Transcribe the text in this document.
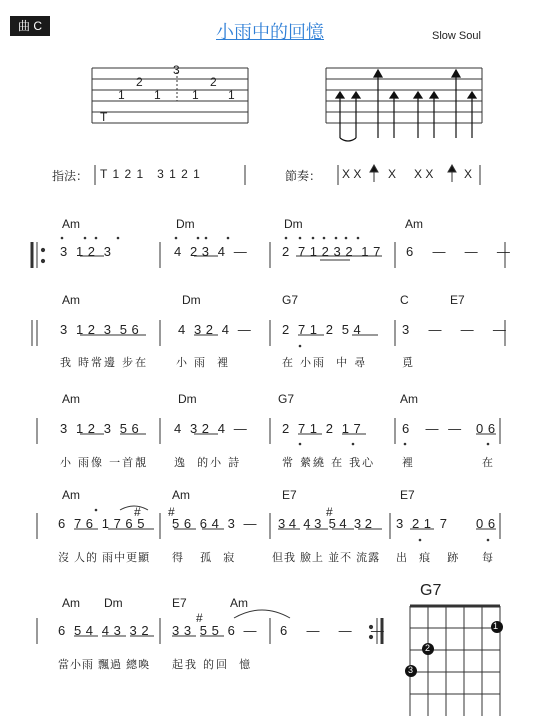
曲 C	小雨中的回憶	Slow Soul
1
2
1
3
1
2
1
T
指法： T 1 2 1   3 1 2 1	節奏： X X X X X	X
Am	Dm	Dm	Am
3  1 2  3	4  2 3  4  —	2  7 1 2 3 2  1 7 6  —  —  —
Am	Dm	G7	C	E7
3  1 2  3  5 6	4  3 2  4  — 2  7 1  2  5 4	3  —  —  —
我 時常邊 步在	小 雨  裡	在 小雨  中 尋	覓
Am	Dm	G7	Am
3  1 2  3  5 6	4  3 2  4  —	2  7 1  2  1 7	6  — — 0 6
小 雨像 一首靚 逸  的小 詩	常 縈繞 在 我心 裡	在
Am	Am	E7	E7
# #	#
6  7 6  1 7 6 5 5 6  6 4  3  — 3 4  4 3  5 4  3 2 3  2 1  7 0 6
沒 人的 雨中更顯 得   孤  寂	但我 臉上 並不 流露 出  痕   跡 每
Am Dm	E7	Am
#
6  5 4  4 3  3 2 3 3  5 5  6  — 6  —  —  —
當小雨 飄過 總喚 起我 的回  憶
G7
1
2
3
